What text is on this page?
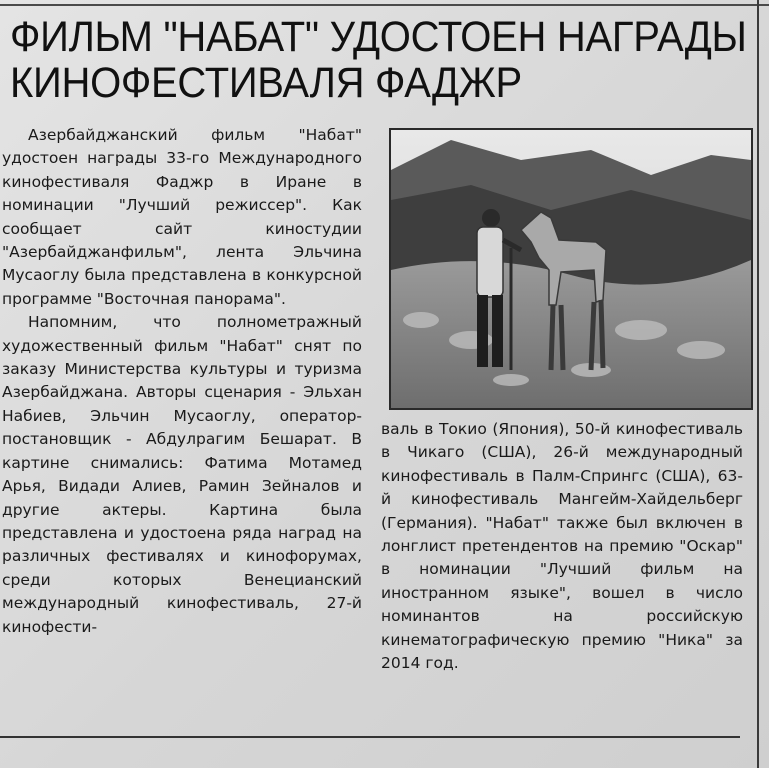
ФИЛЬМ "НАБАТ" УДОСТОЕН НАГРАДЫ
КИНОФЕСТИВАЛЯ ФАДЖР

Азербайджанский фильм "Набат" удостоен награды 33-го Международного кинофестиваля Фаджр в Иране в номинации "Лучший режиссер". Как сообщает сайт киностудии "Азербайджанфильм", лента Эльчина Мусаоглу была представлена в конкурсной программе "Восточная панорама".

Напомним, что полнометражный художественный фильм "Набат" снят по заказу Министерства культуры и туризма Азербайджана. Авторы сценария - Эльхан Набиев, Эльчин Мусаоглу, оператор-постановщик - Абдулрагим Бешарат. В картине снимались: Фатима Мотамед Арья, Видади Алиев, Рамин Зейналов и другие актеры. Картина была представлена и удостоена ряда наград на различных фестивалях и кинофорумах, среди которых Венецианский международный кинофестиваль, 27-й кинофести-

валь в Токио (Япония), 50-й кинофестиваль в Чикаго (США), 26-й международный кинофестиваль в Палм-Спрингс (США), 63-й кинофестиваль Мангейм-Хайдельберг (Германия). "Набат" также был включен в лонглист претендентов на премию "Оскар" в номинации "Лучший фильм на иностранном языке", вошел в число номинантов на российскую кинематографическую премию "Ника" за 2014 год.
